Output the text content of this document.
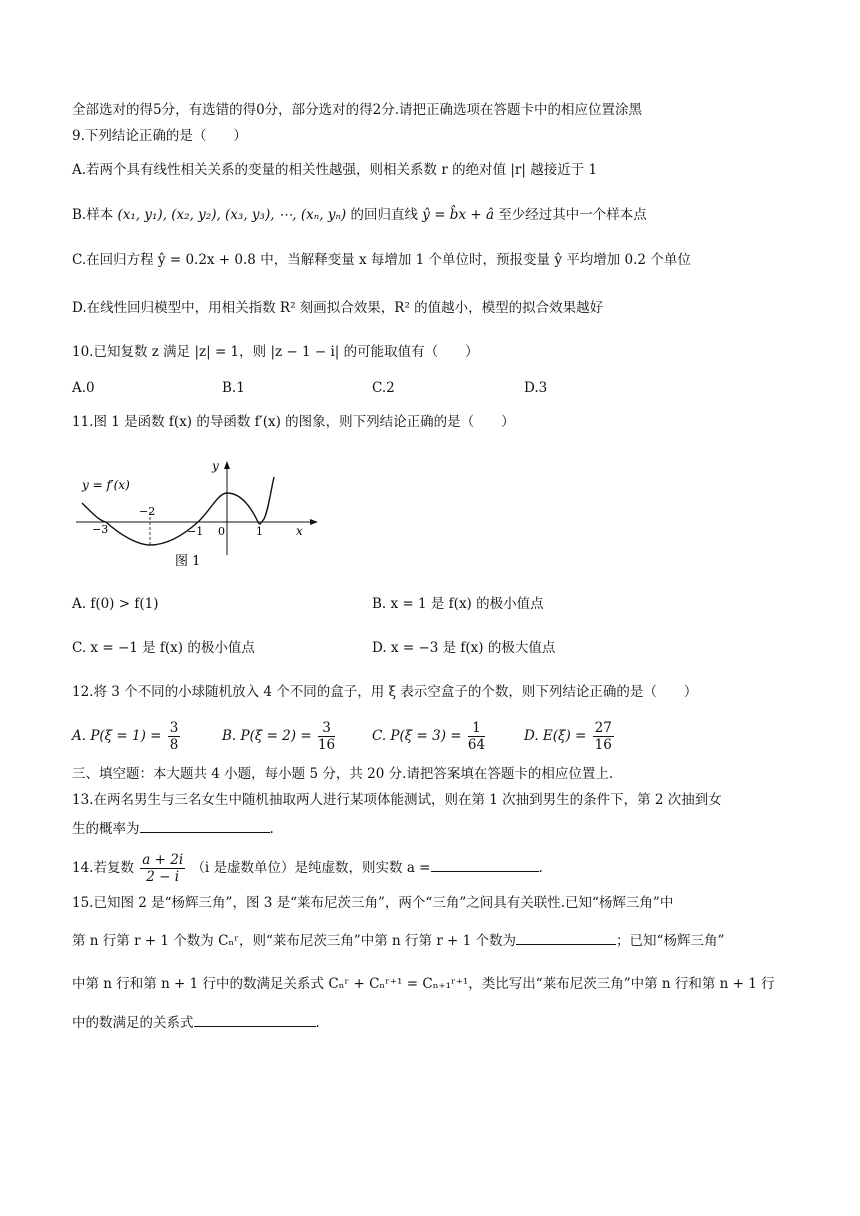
全部选对的得5分，有选错的得0分，部分选对的得2分.请把正确选项在答题卡中的相应位置涂黑
9.下列结论正确的是（　　）
A.若两个具有线性相关关系的变量的相关性越强，则相关系数 r 的绝对值 |r| 越接近于 1
B.样本 (x₁, y₁), (x₂, y₂), (x₃, y₃), ⋯, (xₙ, yₙ) 的回归直线 ŷ = b̂x + â 至少经过其中一个样本点
C.在回归方程 ŷ = 0.2x + 0.8 中，当解释变量 x 每增加 1 个单位时，预报变量 ŷ 平均增加 0.2 个单位
D.在线性回归模型中，用相关指数 R² 刻画拟合效果，R² 的值越小，模型的拟合效果越好
10.已知复数 z 满足 |z| = 1，则 |z − 1 − i| 的可能取值有（　　）
A.0	B.1	C.2	D.3
11.图 1 是函数 f(x) 的导函数 f′(x) 的图象，则下列结论正确的是（　　）
y = f′(x)
y
x
−3
−2
−1 0	1
图 1
A. f(0) > f(1)	B. x = 1 是 f(x) 的极小值点
C. x = −1 是 f(x) 的极小值点	D. x = −3 是 f(x) 的极大值点
12.将 3 个不同的小球随机放入 4 个不同的盒子，用 ξ 表示空盒子的个数，则下列结论正确的是（　　）
A. $P(\xi = 1) = \frac{3}{8}$	B. $P(\xi = 2) = \frac{3}{16}$	C. $P(\xi = 3) = \frac{1}{64}$	D. $E(\xi) = \frac{27}{16}$
三、填空题：本大题共 4 小题，每小题 5 分，共 20 分.请把答案填在答题卡的相应位置上.
13.在两名男生与三名女生中随机抽取两人进行某项体能测试，则在第 1 次抽到男生的条件下，第 2 次抽到女
生的概率为	.
14.若复数 $\frac{a + 2i}{2 - i} (i$ 是虚数单位）是纯虚数，则实数 a =	.
15.已知图 2 是“杨辉三角”，图 3 是“莱布尼茨三角”，两个“三角”之间具有关联性.已知“杨辉三角”中
第 n 行第 r + 1 个数为 Cₙʳ，则“莱布尼茨三角”中第 n 行第 r + 1 个数为	；已知“杨辉三角”
中第 n 行和第 n + 1 行中的数满足关系式 Cₙʳ + Cₙʳ⁺¹ = Cₙ₊₁ʳ⁺¹，类比写出“莱布尼茨三角”中第 n 行和第 n + 1 行
中的数满足的关系式	.
